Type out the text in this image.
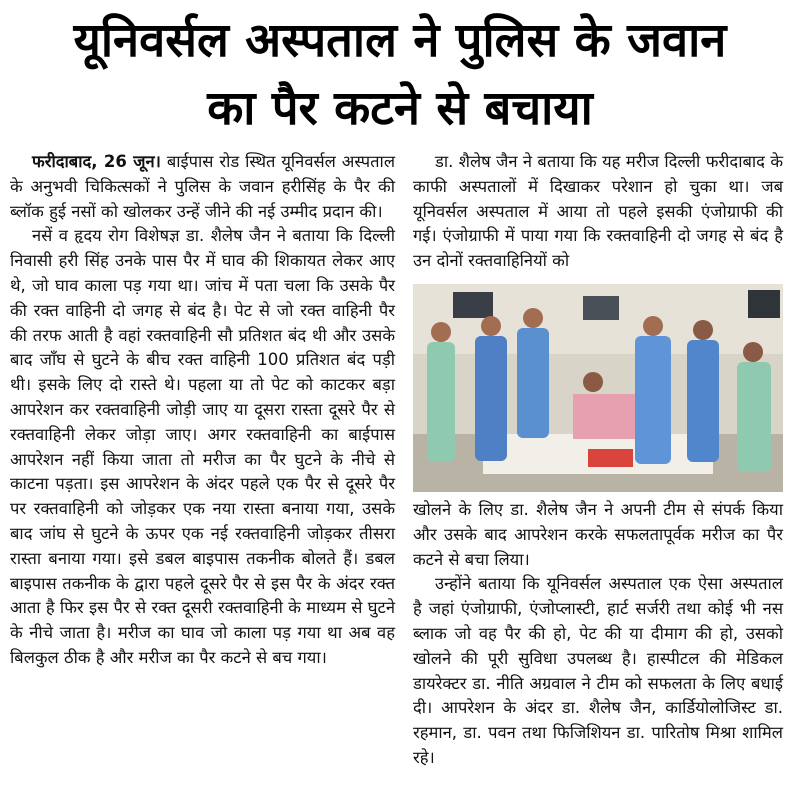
यूनिवर्सल अस्पताल ने पुलिस के जवान
का पैर कटने से बचाया

फरीदाबाद, 26 जून। बाईपास रोड स्थित यूनिवर्सल अस्पताल के अनुभवी चिकित्सकों ने पुलिस के जवान हरीसिंह के पैर की ब्लॉक हुई नसों को खोलकर उन्हें जीने की नई उम्मीद प्रदान की।

नसें व हृदय रोग विशेषज्ञ डा. शैलेष जैन ने बताया कि दिल्ली निवासी हरी सिंह उनके पास पैर में घाव की शिकायत लेकर आए थे, जो घाव काला पड़ गया था। जांच में पता चला कि उसके पैर की रक्त वाहिनी दो जगह से बंद है। पेट से जो रक्त वाहिनी पैर की तरफ आती है वहां रक्तवाहिनी सौ प्रतिशत बंद थी और उसके बाद जाँघ से घुटने के बीच रक्त वाहिनी 100 प्रतिशत बंद पड़ी थी। इसके लिए दो रास्ते थे। पहला या तो पेट को काटकर बड़ा आपरेशन कर रक्तवाहिनी जोड़ी जाए या दूसरा रास्ता दूसरे पैर से रक्तवाहिनी लेकर जोड़ा जाए। अगर रक्तवाहिनी का बाईपास आपरेशन नहीं किया जाता तो मरीज का पैर घुटने के नीचे से काटना पड़ता। इस आपरेशन के अंदर पहले एक पैर से दूसरे पैर पर रक्तवाहिनी को जोड़कर एक नया रास्ता बनाया गया, उसके बाद जांघ से घुटने के ऊपर एक नई रक्तवाहिनी जोड़कर तीसरा रास्ता बनाया गया। इसे डबल बाइपास तकनीक बोलते हैं। डबल बाइपास तकनीक के द्वारा पहले दूसरे पैर से इस पैर के अंदर रक्त आता है फिर इस पैर से रक्त दूसरी रक्तवाहिनी के माध्यम से घुटने के नीचे जाता है। मरीज का घाव जो काला पड़ गया था अब वह बिलकुल ठीक है और मरीज का पैर कटने से बच गया।

डा. शैलेष जैन ने बताया कि यह मरीज दिल्ली फरीदाबाद के काफी अस्पतालों में दिखाकर परेशान हो चुका था। जब यूनिवर्सल अस्पताल में आया तो पहले इसकी एंजोग्राफी की गई। एंजोग्राफी में पाया गया कि रक्तवाहिनी दो जगह से बंद है उन दोनों रक्तवाहिनियों को

खोलने के लिए डा. शैलेष जैन ने अपनी टीम से संपर्क किया और उसके बाद आपरेशन करके सफलतापूर्वक मरीज का पैर कटने से बचा लिया।

उन्होंने बताया कि यूनिवर्सल अस्पताल एक ऐसा अस्पताल है जहां एंजोग्राफी, एंजोप्लास्टी, हार्ट सर्जरी तथा कोई भी नस ब्लाक जो वह पैर की हो, पेट की या दीमाग की हो, उसको खोलने की पूरी सुविधा उपलब्ध है। हास्पीटल की मेडिकल डायरेक्टर डा. नीति अग्रवाल ने टीम को सफलता के लिए बधाई दी। आपरेशन के अंदर डा. शैलेष जैन, कार्डियोलोजिस्ट डा. रहमान, डा. पवन तथा फिजिशियन डा. पारितोष मिश्रा शामिल रहे।
